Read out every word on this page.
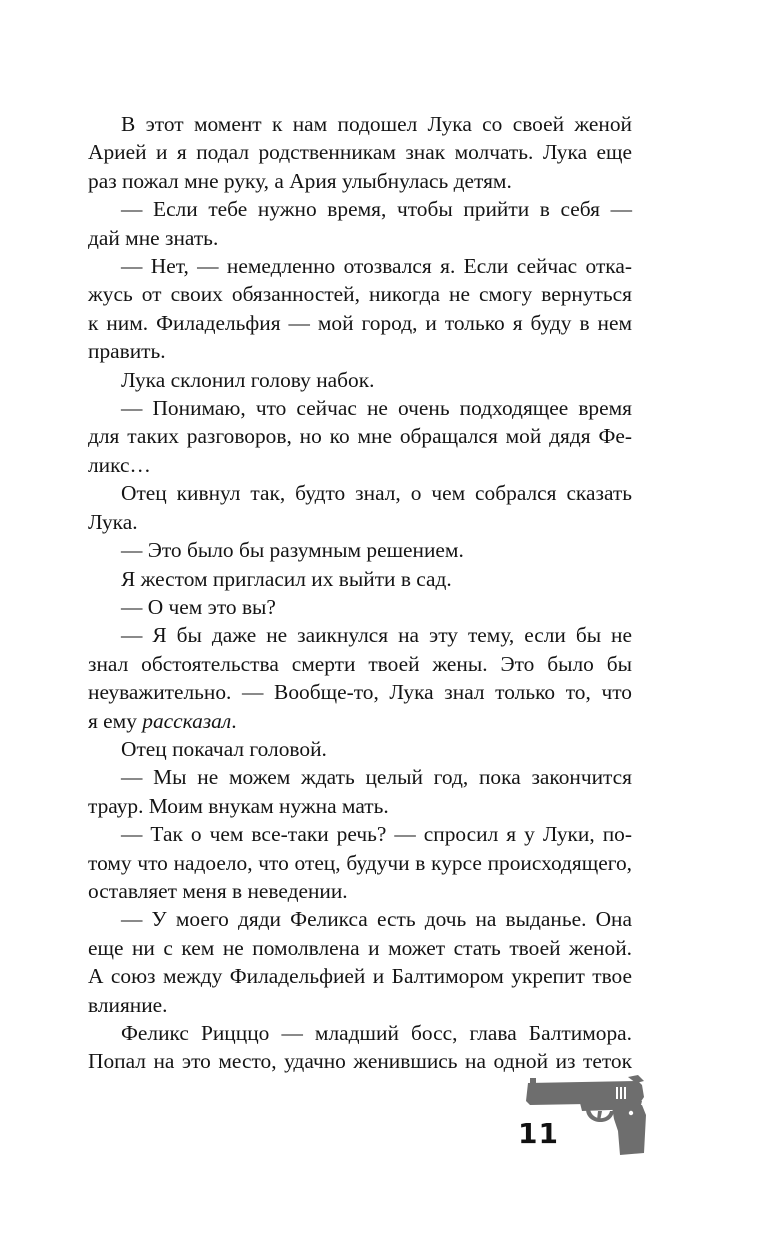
В этот момент к нам подошел Лука со своей женой
Арией и я подал родственникам знак молчать. Лука еще
раз пожал мне руку, а Ария улыбнулась детям.
— Если тебе нужно время, чтобы прийти в себя —
дай мне знать.
— Нет, — немедленно отозвался я. Если сейчас отка-
жусь от своих обязанностей, никогда не смогу вернуться
к ним. Филадельфия — мой город, и только я буду в нем
править.
Лука склонил голову набок.
— Понимаю, что сейчас не очень подходящее время
для таких разговоров, но ко мне обращался мой дядя Фе-
ликс…
Отец кивнул так, будто знал, о чем собрался сказать
Лука.
— Это было бы разумным решением.
Я жестом пригласил их выйти в сад.
— О чем это вы?
— Я бы даже не заикнулся на эту тему, если бы не
знал обстоятельства смерти твоей жены. Это было бы
неуважительно. — Вообще-то, Лука знал только то, что
я ему рассказал.
Отец покачал головой.
— Мы не можем ждать целый год, пока закончится
траур. Моим внукам нужна мать.
— Так о чем все-таки речь? — спросил я у Луки, по-
тому что надоело, что отец, будучи в курсе происходящего,
оставляет меня в неведении.
— У моего дяди Феликса есть дочь на выданье. Она
еще ни с кем не помолвлена и может стать твоей женой.
А союз между Филадельфией и Балтимором укрепит твое
влияние.
Феликс Рицццо — младший босс, глава Балтимора.
Попал на это место, удачно женившись на одной из теток
11
